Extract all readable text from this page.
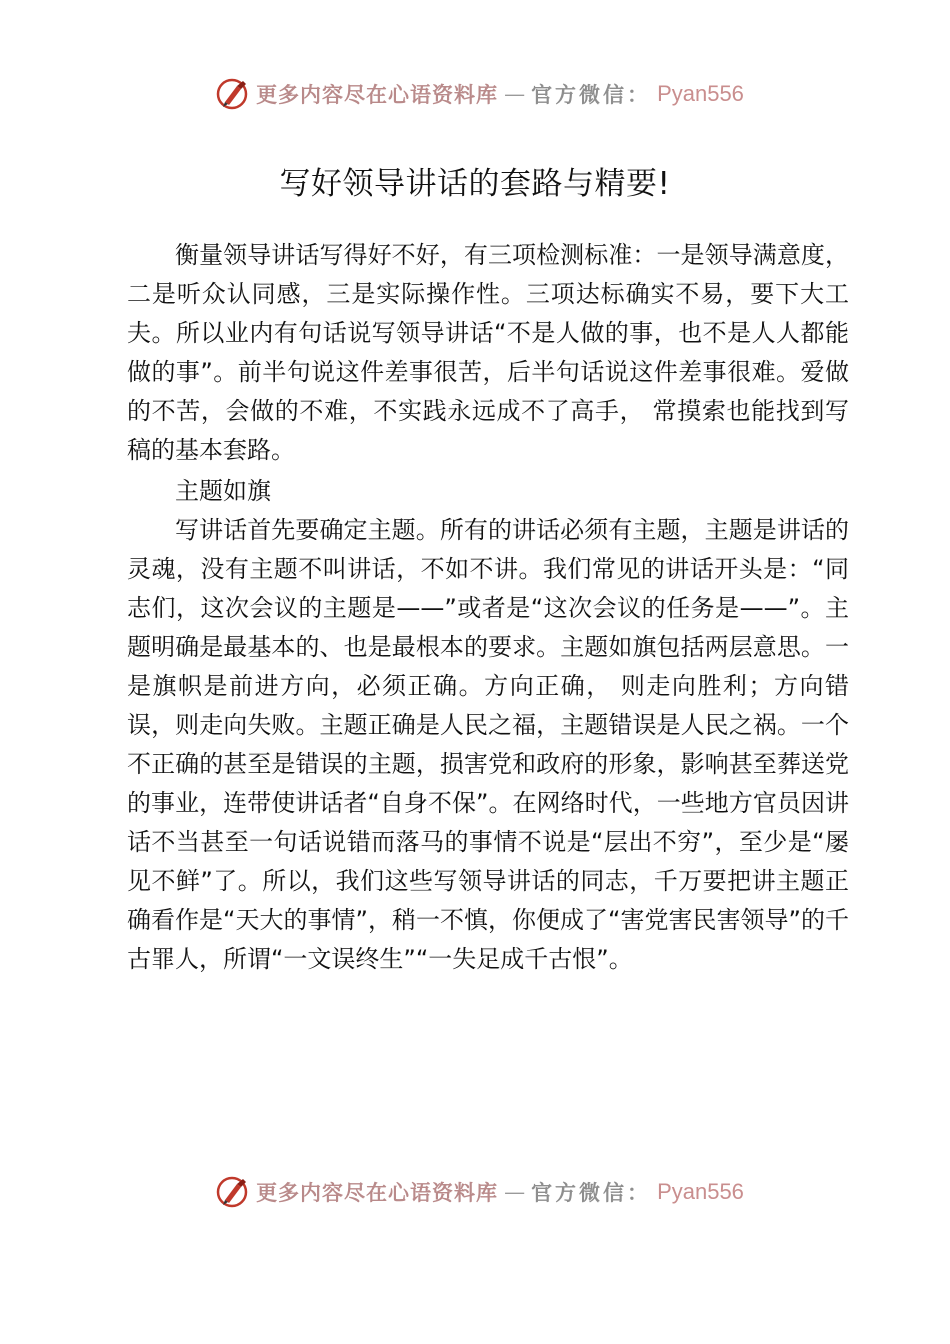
更多内容尽在心语资料库 — 官方微信： Pyan556
写好领导讲话的套路与精要!

衡量领导讲话写得好不好，有三项检测标准：一是领导满意度，二是听众认同感，三是实际操作性。三项达标确实不易，要下大工夫。所以业内有句话说写领导讲话“不是人做的事，也不是人人都能做的事”。前半句说这件差事很苦，后半句话说这件差事很难。爱做的不苦，会做的不难，不实践永远成不了高手， 常摸索也能找到写稿的基本套路。

主题如旗

写讲话首先要确定主题。所有的讲话必须有主题，主题是讲话的灵魂，没有主题不叫讲话，不如不讲。我们常见的讲话开头是：“同志们，这次会议的主题是——”或者是“这次会议的任务是——”。主题明确是最基本的、也是最根本的要求。主题如旗包括两层意思。一是旗帜是前进方向，必须正确。方向正确， 则走向胜利；方向错误，则走向失败。主题正确是人民之福，主题错误是人民之祸。一个不正确的甚至是错误的主题，损害党和政府的形象，影响甚至葬送党的事业，连带使讲话者“自身不保”。在网络时代，一些地方官员因讲话不当甚至一句话说错而落马的事情不说是“层出不穷”，至少是“屡见不鲜”了。所以，我们这些写领导讲话的同志，千万要把讲主题正确看作是“天大的事情”，稍一不慎，你便成了“害党害民害领导”的千古罪人，所谓“一文误终生”“一失足成千古恨”。

更多内容尽在心语资料库 — 官方微信： Pyan556
